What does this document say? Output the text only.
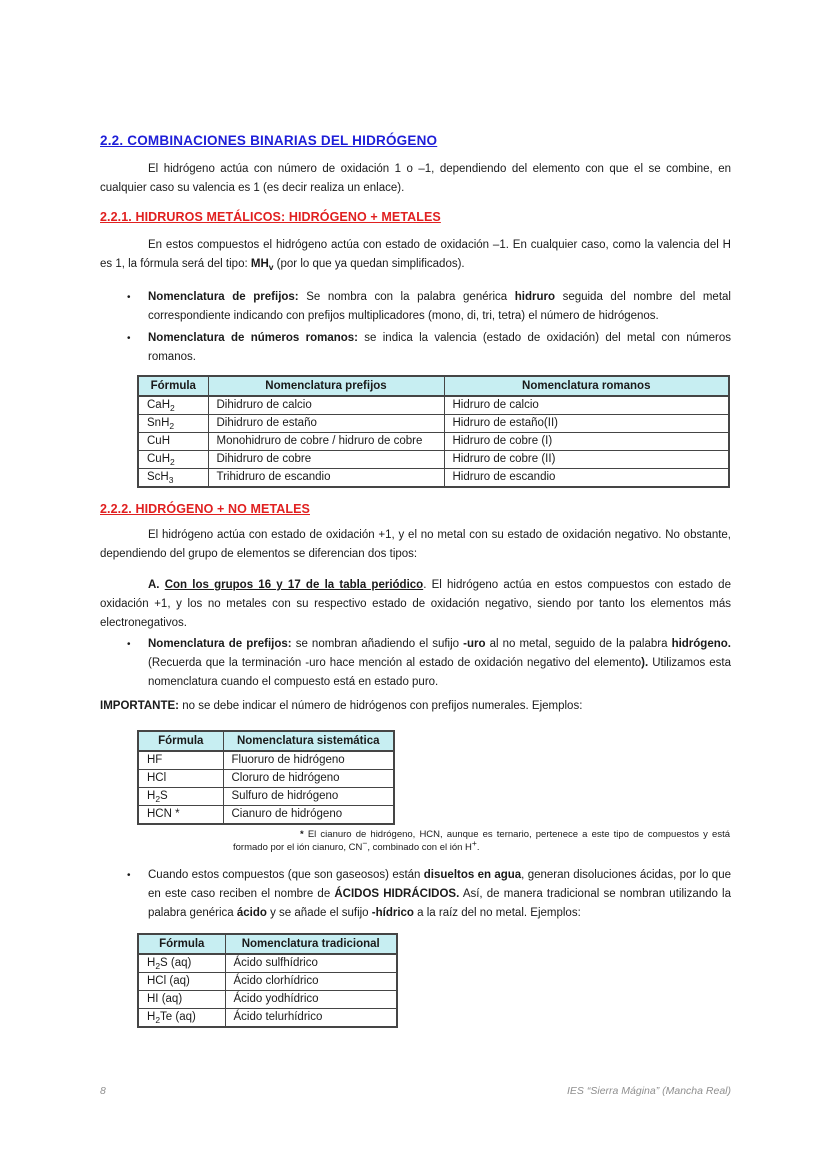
2.2. COMBINACIONES BINARIAS DEL HIDRÓGENO

El hidrógeno actúa con número de oxidación 1 o –1, dependiendo del elemento con que el se combine, en cualquier caso su valencia es 1 (es decir realiza un enlace).

2.2.1. HIDRUROS METÁLICOS: HIDRÓGENO + METALES

En estos compuestos el hidrógeno actúa con estado de oxidación –1. En cualquier caso, como la valencia del H es 1, la fórmula será del tipo: $MH_v$ (por lo que ya quedan simplificados).

• Nomenclatura de prefijos: Se nombra con la palabra genérica hidruro seguida del nombre del metal correspondiente indicando con prefijos multiplicadores (mono, di, tri, tetra) el número de hidrógenos.
• Nomenclatura de números romanos: se indica la valencia (estado de oxidación) del metal con números romanos.
Fórmula	Nomenclatura prefijos	Nomenclatura romanos
CaH$_2$	Dihidruro de calcio	Hidruro de calcio
SnH$_2$	Dihidruro de estaño	Hidruro de estaño(II)
CuH	Monohidruro de cobre / hidruro de cobre	Hidruro de cobre (I)
CuH$_2$	Dihidruro de cobre	Hidruro de cobre (II)
ScH$_3$	Trihidruro de escandio	Hidruro de escandio
2.2.2. HIDRÓGENO + NO METALES

El hidrógeno actúa con estado de oxidación +1, y el no metal con su estado de oxidación negativo. No obstante, dependiendo del grupo de elementos se diferencian dos tipos:

A. Con los grupos 16 y 17 de la tabla periódico. El hidrógeno actúa en estos compuestos con estado de oxidación +1, y los no metales con su respectivo estado de oxidación negativo, siendo por tanto los elementos más electronegativos.

• Nomenclatura de prefijos: se nombran añadiendo el sufijo -uro al no metal, seguido de la palabra hidrógeno. (Recuerda que la terminación -uro hace mención al estado de oxidación negativo del elemento). Utilizamos esta nomenclatura cuando el compuesto está en estado puro.

IMPORTANTE: no se debe indicar el número de hidrógenos con prefijos numerales. Ejemplos:

Fórmula	Nomenclatura sistemática
HF	Fluoruro de hidrógeno
HCl	Cloruro de hidrógeno
$H_2S$	Sulfuro de hidrógeno
HCN *	Cianuro de hidrógeno

* El cianuro de hidrógeno, HCN, aunque es ternario, pertenece a este tipo de compuestos y está formado por el ión cianuro, CN−, combinado con el ión H+.

• Cuando estos compuestos (que son gaseosos) están disueltos en agua, generan disoluciones ácidas, por lo que en este caso reciben el nombre de ÁCIDOS HIDRÁCIDOS. Así, de manera tradicional se nombran utilizando la palabra genérica ácido y se añade el sufijo -hídrico a la raíz del no metal. Ejemplos:
Fórmula	Nomenclatura tradicional
$H_2S$ (aq)	Ácido sulfhídrico
HCl (aq)	Ácido clorhídrico
HI (aq)	Ácido yodhídrico
$H_2Te$ (aq)	Ácido telurhídrico
8	IES “Sierra Mágina” (Mancha Real)
